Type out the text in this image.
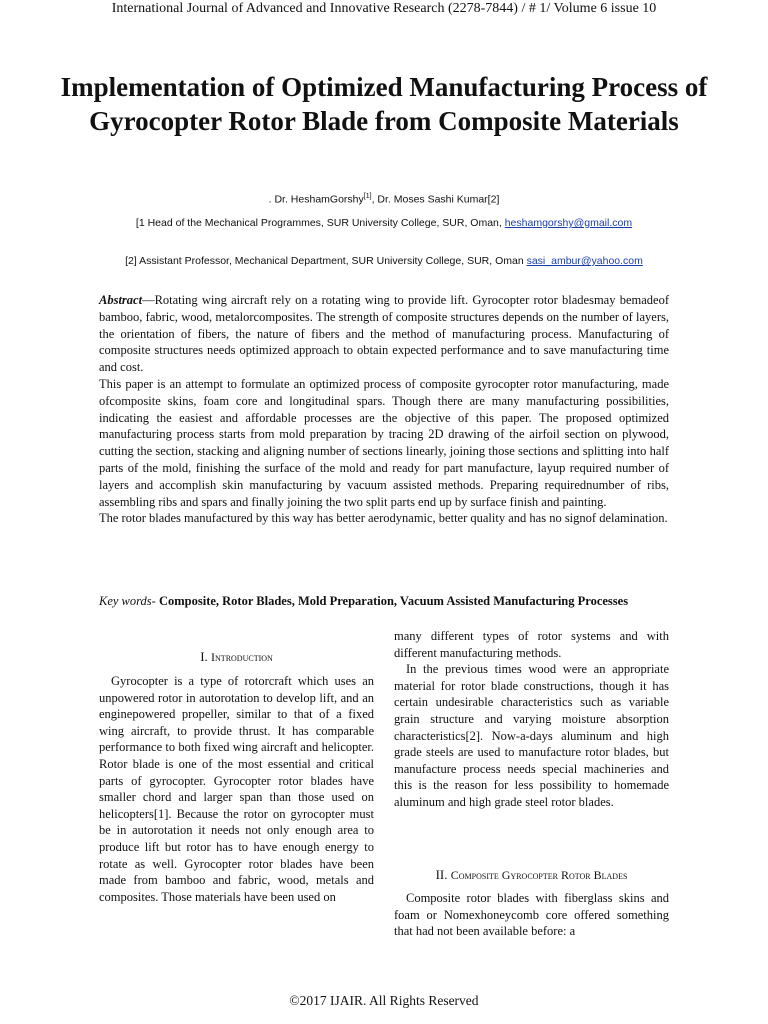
International Journal of Advanced and Innovative Research (2278-7844) / # 1/ Volume 6 issue 10
Implementation of Optimized Manufacturing Process of Gyrocopter Rotor Blade from Composite Materials
. Dr. HeshamGorshy[1], Dr. Moses Sashi Kumar[2]
[1 Head of the Mechanical Programmes, SUR University College, SUR, Oman, heshamgorshy@gmail.com
[2] Assistant Professor, Mechanical Department, SUR University College, SUR, Oman sasi_ambur@yahoo.com

Abstract—Rotating wing aircraft rely on a rotating wing to provide lift. Gyrocopter rotor bladesmay bemadeof bamboo, fabric, wood, metalorcomposites. The strength of composite structures depends on the number of layers, the orientation of fibers, the nature of fibers and the method of manufacturing process. Manufacturing of composite structures needs optimized approach to obtain expected performance and to save manufacturing time and cost.

This paper is an attempt to formulate an optimized process of composite gyrocopter rotor manufacturing, made ofcomposite skins, foam core and longitudinal spars. Though there are many manufacturing possibilities, indicating the easiest and affordable processes are the objective of this paper. The proposed optimized manufacturing process starts from mold preparation by tracing 2D drawing of the airfoil section on plywood, cutting the section, stacking and aligning number of sections linearly, joining those sections and splitting into half parts of the mold, finishing the surface of the mold and ready for part manufacture, layup required number of layers and accomplish skin manufacturing by vacuum assisted methods. Preparing requirednumber of ribs, assembling ribs and spars and finally joining the two split parts end up by surface finish and painting.

The rotor blades manufactured by this way has better aerodynamic, better quality and has no signof delamination.

Key words- Composite, Rotor Blades, Mold Preparation, Vacuum Assisted Manufacturing Processes
I. Introduction

Gyrocopter is a type of rotorcraft which uses an unpowered rotor in autorotation to develop lift, and an enginepowered propeller, similar to that of a fixed wing aircraft, to provide thrust. It has comparable performance to both fixed wing aircraft and helicopter. Rotor blade is one of the most essential and critical parts of gyrocopter. Gyrocopter rotor blades have smaller chord and larger span than those used on helicopters[1]. Because the rotor on gyrocopter must be in autorotation it needs not only enough area to produce lift but rotor has to have enough energy to rotate as well. Gyrocopter rotor blades have been made from bamboo and fabric, wood, metals and composites. Those materials have been used on

many different types of rotor systems and with different manufacturing methods.

In the previous times wood were an appropriate material for rotor blade constructions, though it has certain undesirable characteristics such as variable grain structure and varying moisture absorption characteristics[2]. Now-a-days aluminum and high grade steels are used to manufacture rotor blades, but manufacture process needs special machineries and this is the reason for less possibility to homemade aluminum and high grade steel rotor blades.

II. Composite Gyrocopter Rotor Blades

Composite rotor blades with fiberglass skins and foam or Nomexhoneycomb core offered something that had not been available before: a

©2017 IJAIR. All Rights Reserved
